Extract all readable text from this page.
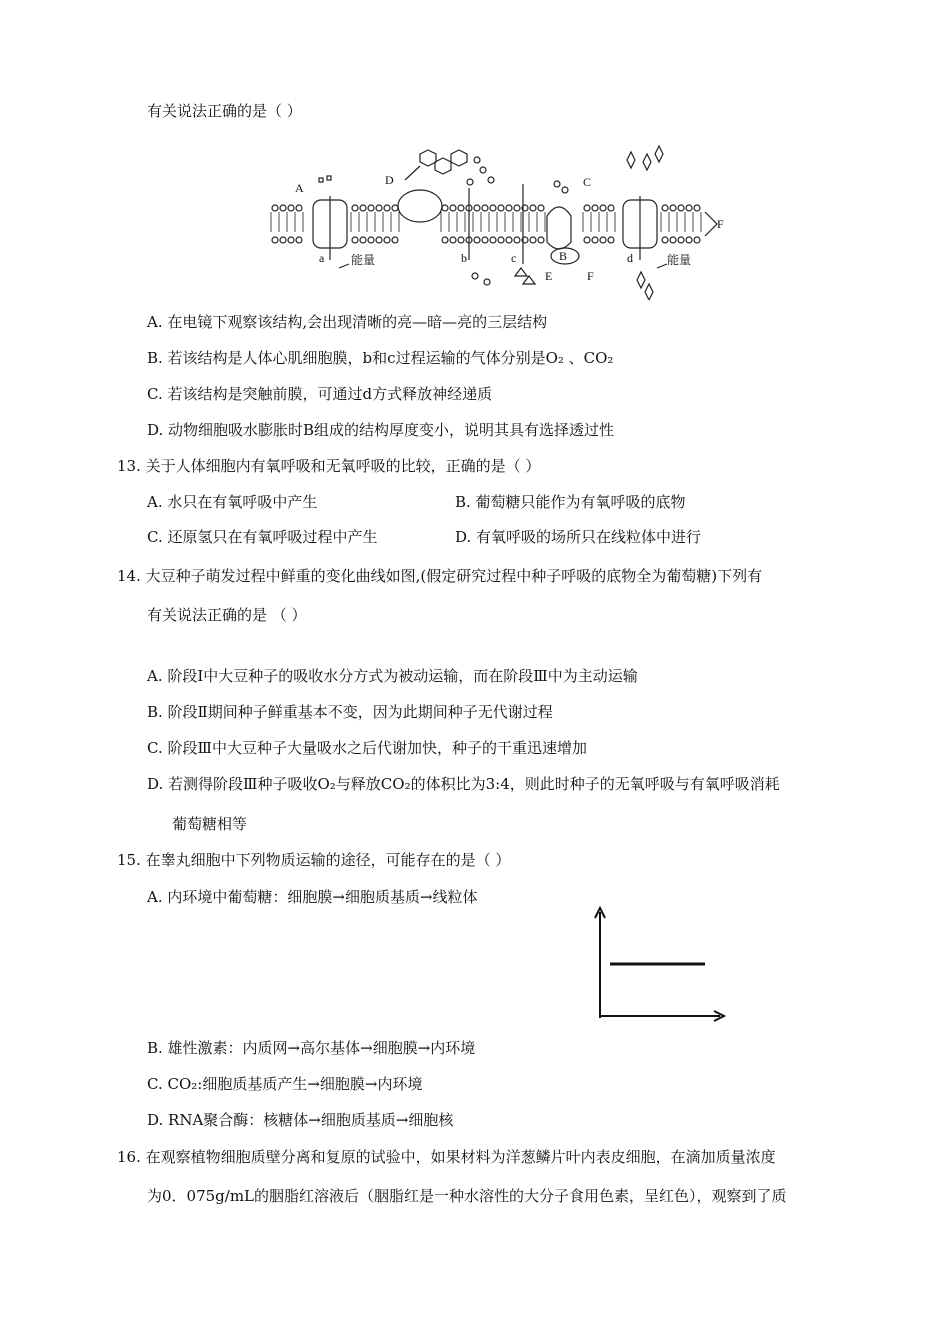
有关说法正确的是（ ）
A
D	C
E	F
B
a	b	c	d
能量	能量
F
A. 在电镜下观察该结构,会出现清晰的亮—暗—亮的三层结构
B. 若该结构是人体心肌细胞膜，b和c过程运输的气体分别是O₂ 、CO₂
C. 若该结构是突触前膜，可通过d方式释放神经递质
D. 动物细胞吸水膨胀时B组成的结构厚度变小，说明其具有选择透过性
13. 关于人体细胞内有氧呼吸和无氧呼吸的比较，正确的是（ ）
A. 水只在有氧呼吸中产生	B. 葡萄糖只能作为有氧呼吸的底物
C. 还原氢只在有氧呼吸过程中产生	D. 有氧呼吸的场所只在线粒体中进行
14. 大豆种子萌发过程中鲜重的变化曲线如图,(假定研究过程中种子呼吸的底物全为葡萄糖)下列有
有关说法正确的是 （ ）
A. 阶段Ⅰ中大豆种子的吸收水分方式为被动运输，而在阶段Ⅲ中为主动运输
B. 阶段Ⅱ期间种子鲜重基本不变，因为此期间种子无代谢过程
C. 阶段Ⅲ中大豆种子大量吸水之后代谢加快，种子的干重迅速增加
D. 若测得阶段Ⅲ种子吸收O₂与释放CO₂的体积比为3:4，则此时种子的无氧呼吸与有氧呼吸消耗
葡萄糖相等
15. 在睾丸细胞中下列物质运输的途径，可能存在的是（ ）
A. 内环境中葡萄糖：细胞膜→细胞质基质→线粒体
B. 雄性激素：内质网→高尔基体→细胞膜→内环境
C. CO₂:细胞质基质产生→细胞膜→内环境
D. RNA聚合酶：核糖体→细胞质基质→细胞核
16. 在观察植物细胞质壁分离和复原的试验中，如果材料为洋葱鳞片叶内表皮细胞，在滴加质量浓度
为0．075g/mL的胭脂红溶液后（胭脂红是一种水溶性的大分子食用色素，呈红色），观察到了质
